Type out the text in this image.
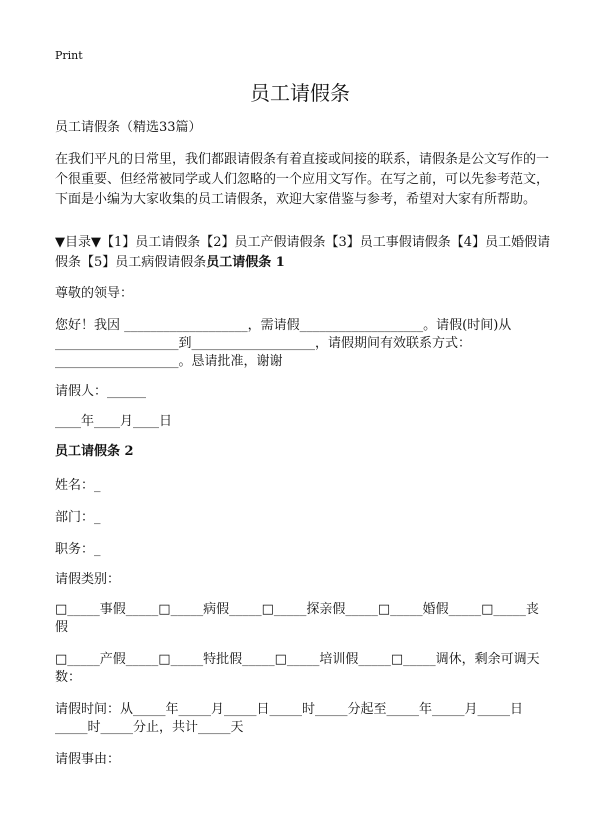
Print
员工请假条
员工请假条（精选33篇）
在我们平凡的日常里，我们都跟请假条有着直接或间接的联系，请假条是公文写作的一个很重要、但经常被同学或人们忽略的一个应用文写作。在写之前，可以先参考范文，下面是小编为大家收集的员工请假条，欢迎大家借鉴与参考，希望对大家有所帮助。
▼目录▼【1】员工请假条【2】员工产假请假条【3】员工事假请假条【4】员工婚假请假条【5】员工病假请假条员工请假条 1
尊敬的领导：
您好！我因 ___________________，需请假___________________。请假(时间)从
___________________到___________________，请假期间有效联系方式：
___________________。恳请批准，谢谢
请假人：______
____年____月____日
员工请假条 2
姓名：_
部门：_
职务：_
请假类别：
□_____事假_____□_____病假_____□_____探亲假_____□_____婚假_____□_____丧
假
□_____产假_____□_____特批假_____□_____培训假_____□_____调休，剩余可调天
数：
请假时间：从_____年_____月_____日_____时_____分起至_____年_____月_____日
_____时_____分止，共计_____天
请假事由：
